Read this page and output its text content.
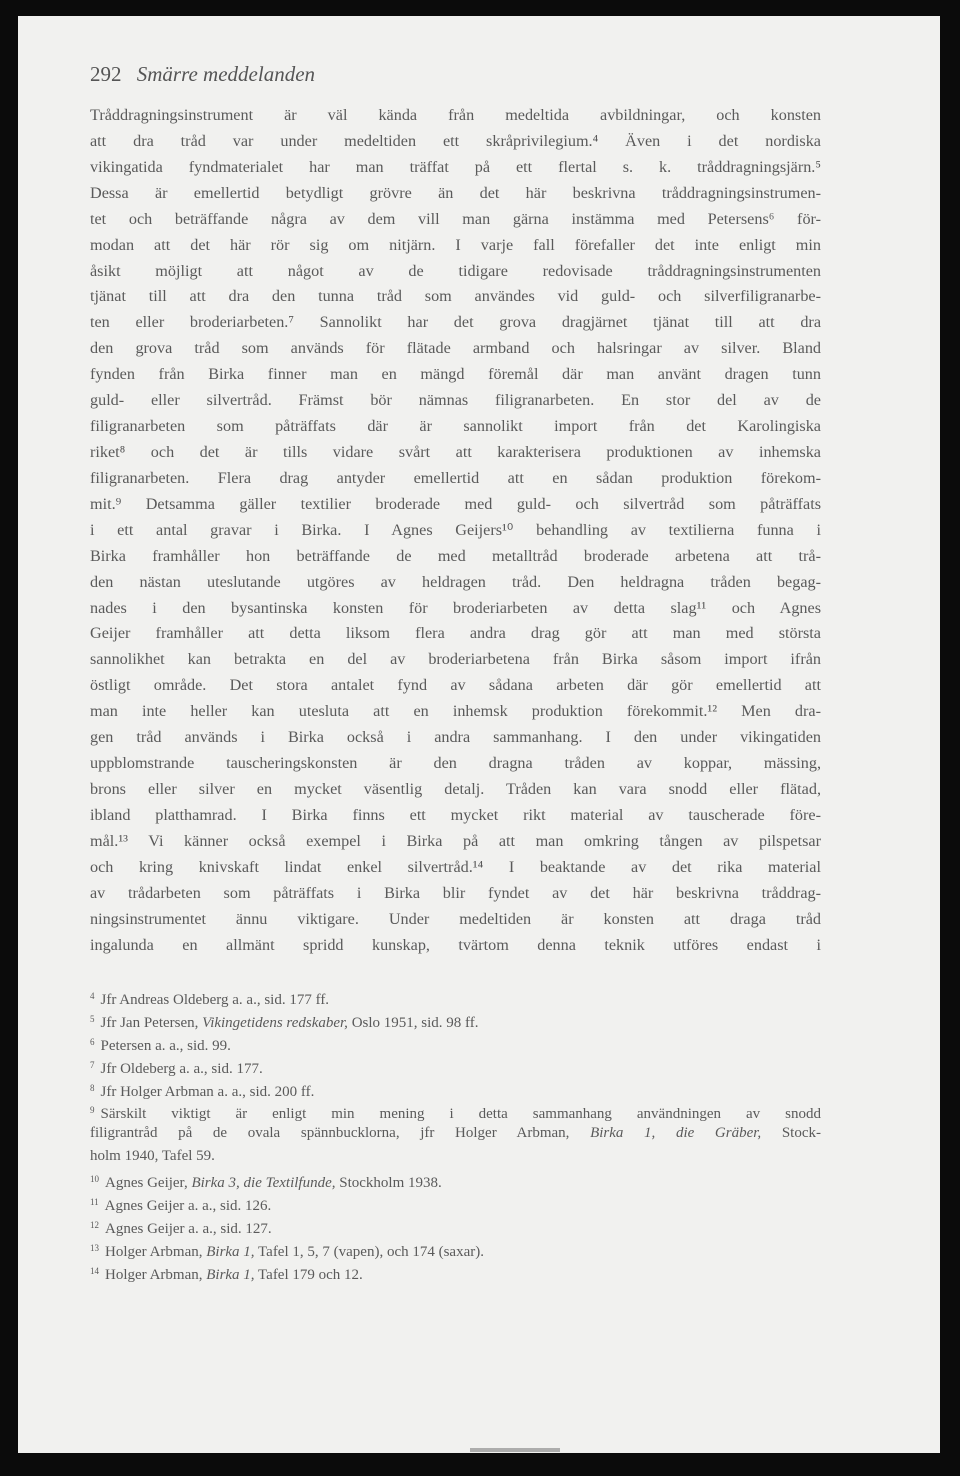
292 Smärre meddelanden
Tråddragningsinstrument är väl kända från medeltida avbildningar, och konsten
att dra tråd var under medeltiden ett skråprivilegium.⁴ Även i det nordiska
vikingatida fyndmaterialet har man träffat på ett flertal s. k. tråddragningsjärn.⁵
Dessa är emellertid betydligt grövre än det här beskrivna tråddragningsinstrumen-
tet och beträffande några av dem vill man gärna instämma med Petersens⁶ för-
modan att det här rör sig om nitjärn. I varje fall förefaller det inte enligt min
åsikt möjligt att något av de tidigare redovisade tråddragningsinstrumenten
tjänat till att dra den tunna tråd som användes vid guld- och silverfiligranarbe-
ten eller broderiarbeten.⁷ Sannolikt har det grova dragjärnet tjänat till att dra
den grova tråd som används för flätade armband och halsringar av silver. Bland
fynden från Birka finner man en mängd föremål där man använt dragen tunn
guld- eller silvertråd. Främst bör nämnas filigranarbeten. En stor del av de
filigranarbeten som påträffats där är sannolikt import från det Karolingiska
riket⁸ och det är tills vidare svårt att karakterisera produktionen av inhemska
filigranarbeten. Flera drag antyder emellertid att en sådan produktion förekom-
mit.⁹ Detsamma gäller textilier broderade med guld- och silvertråd som påträffats
i ett antal gravar i Birka. I Agnes Geijers¹⁰ behandling av textilierna funna i
Birka framhåller hon beträffande de med metalltråd broderade arbetena att trå-
den nästan uteslutande utgöres av heldragen tråd. Den heldragna tråden begag-
nades i den bysantinska konsten för broderiarbeten av detta slag¹¹ och Agnes
Geijer framhåller att detta liksom flera andra drag gör att man med största
sannolikhet kan betrakta en del av broderiarbetena från Birka såsom import ifrån
östligt område. Det stora antalet fynd av sådana arbeten där gör emellertid att
man inte heller kan utesluta att en inhemsk produktion förekommit.¹² Men dra-
gen tråd används i Birka också i andra sammanhang. I den under vikingatiden
uppblomstrande tauscheringskonsten är den dragna tråden av koppar, mässing,
brons eller silver en mycket väsentlig detalj. Tråden kan vara snodd eller flätad,
ibland platthamrad. I Birka finns ett mycket rikt material av tauscherade före-
mål.¹³ Vi känner också exempel i Birka på att man omkring tången av pilspetsar
och kring knivskaft lindat enkel silvertråd.¹⁴ I beaktande av det rika material
av trådarbeten som påträffats i Birka blir fyndet av det här beskrivna tråddrag-
ningsinstrumentet ännu viktigare. Under medeltiden är konsten att draga tråd
ingalunda en allmänt spridd kunskap, tvärtom denna teknik utföres endast i
$^4$ Jfr Andreas Oldeberg a. a., sid. 177 ff.
$^5$ Jfr Jan Petersen, Vikingetidens redskaber, Oslo 1951, sid. 98 ff.
$^6$ Petersen a. a., sid. 99.
$^7$ Jfr Oldeberg a. a., sid. 177.
$^8$ Jfr Holger Arbman a. a., sid. 200 ff.
$^9$ Särskilt viktigt är enligt min mening i detta sammanhang användningen av snodd
filigrantråd på de ovala spännbucklorna, jfr Holger Arbman, Birka 1, die Gräber, Stock-
holm 1940, Tafel 59.
$^{10}$ Agnes Geijer, Birka 3, die Textilfunde, Stockholm 1938.
$^{11}$ Agnes Geijer a. a., sid. 126.
$^{12}$ Agnes Geijer a. a., sid. 127.
$^{13}$ Holger Arbman, Birka 1, Tafel 1, 5, 7 (vapen), och 174 (saxar).
$^{14}$ Holger Arbman, Birka 1, Tafel 179 och 12.
